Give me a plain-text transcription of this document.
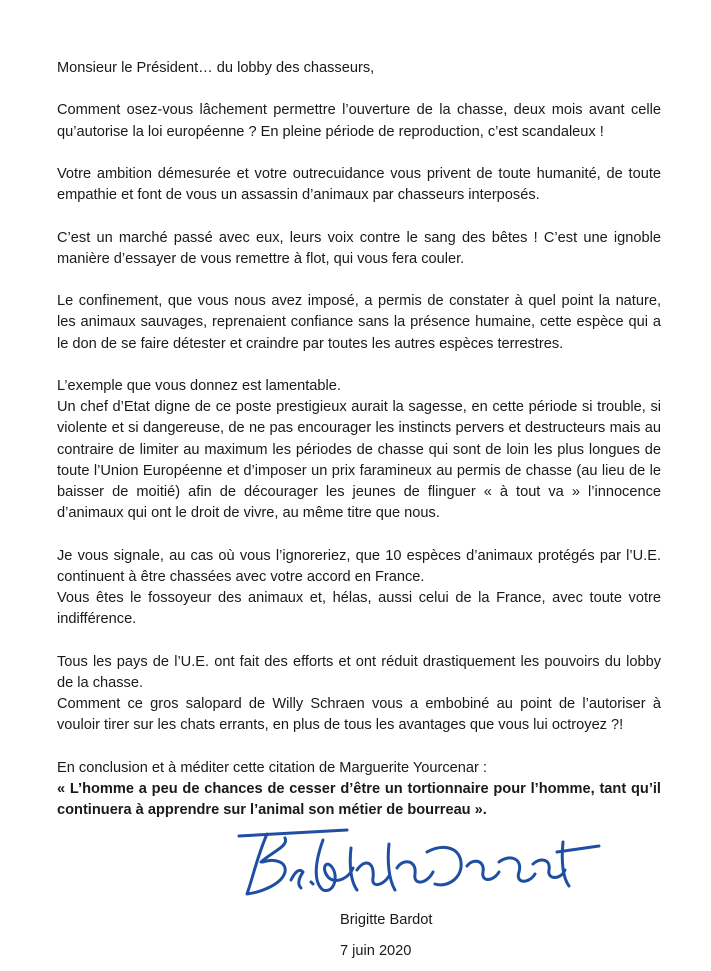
Monsieur le Président… du lobby des chasseurs,

Comment osez-vous lâchement permettre l’ouverture de la chasse, deux mois avant celle qu’autorise la loi européenne ? En pleine période de reproduction, c’est scandaleux !

Votre ambition démesurée et votre outrecuidance vous privent de toute humanité, de toute empathie et font de vous un assassin d’animaux par chasseurs interposés.

C’est un marché passé avec eux, leurs voix contre le sang des bêtes ! C’est une ignoble manière d’essayer de vous remettre à flot, qui vous fera couler.

Le confinement, que vous nous avez imposé, a permis de constater à quel point la nature, les animaux sauvages, reprenaient confiance sans la présence humaine, cette espèce qui a le don de se faire détester et craindre par toutes les autres espèces terrestres.

L’exemple que vous donnez est lamentable.

Un chef d’Etat digne de ce poste prestigieux aurait la sagesse, en cette période si trouble, si violente et si dangereuse, de ne pas encourager les instincts pervers et destructeurs mais au contraire de limiter au maximum les périodes de chasse qui sont de loin les plus longues de toute l’Union Européenne et d’imposer un prix faramineux au permis de chasse (au lieu de le baisser de moitié) afin de décourager les jeunes de flinguer « à tout va » l’innocence d’animaux qui ont le droit de vivre, au même titre que nous.

Je vous signale, au cas où vous l’ignoreriez, que 10 espèces d’animaux protégés par l’U.E. continuent à être chassées avec votre accord en France.

Vous êtes le fossoyeur des animaux et, hélas, aussi celui de la France, avec toute votre indifférence.

Tous les pays de l’U.E. ont fait des efforts et ont réduit drastiquement les pouvoirs du lobby de la chasse.

Comment ce gros salopard de Willy Schraen vous a embobiné au point de l’autoriser à vouloir tirer sur les chats errants, en plus de tous les avantages que vous lui octroyez ?!

En conclusion et à méditer cette citation de Marguerite Yourcenar :

« L’homme a peu de chances de cesser d’être un tortionnaire pour l’homme, tant qu’il continuera à apprendre sur l’animal son métier de bourreau ».

Brigitte Bardot
7 juin 2020
